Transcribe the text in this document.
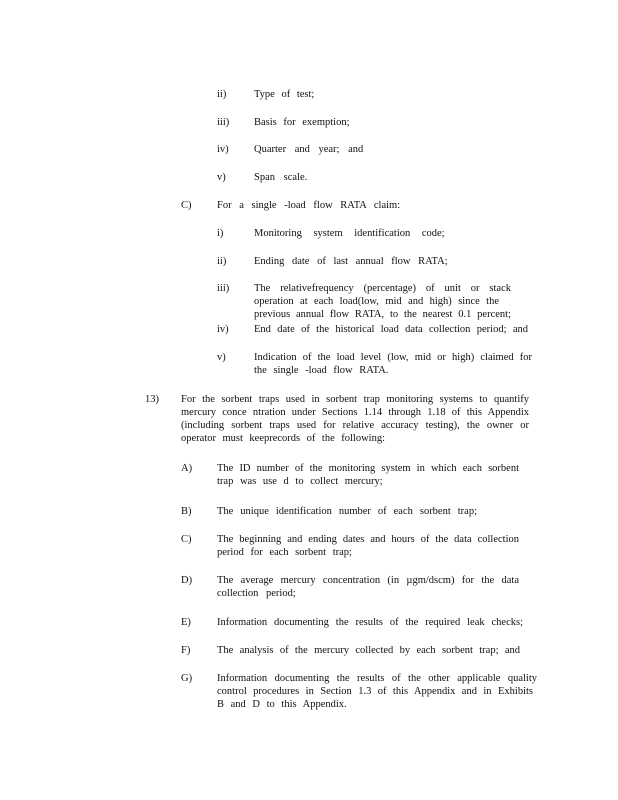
ii)	Type of test;
iii) Basis for exemption;
iv) Quarter and year; and
v)	Span scale.
C) For a single -load flow RATA claim:
i)	Monitoring system identification code;
ii)	Ending date of last annual flow RATA;
iii) The relativefrequency (percentage) of unit or stack
operation at each load(low, mid and high) since the
previous annual flow RATA, to the nearest 0.1 percent;
iv) End date of the historical load data collection period; and
v)	Indication of the load level (low, mid or high) claimed for
the single -load flow RATA.
13) For the sorbent traps used in sorbent trap monitoring systems to quantify
mercury conce ntration under Sections 1.14 through 1.18 of this Appendix
(including sorbent traps used for relative accuracy testing), the owner or
operator must keeprecords of the following:
A) The ID number of the monitoring system in which each sorbent
trap was use d to collect mercury;
B) The unique identification number of each sorbent trap;
C) The beginning and ending dates and hours of the data collection
period for each sorbent trap;
D) The average mercury concentration (in µgm/dscm) for the data
collection period;
E) Information documenting the results of the required leak checks;
F)	The analysis of the mercury collected by each sorbent trap; and
G) Information documenting the results of the other applicable quality
control procedures in Section 1.3 of this Appendix and in Exhibits
B and D to this Appendix.
